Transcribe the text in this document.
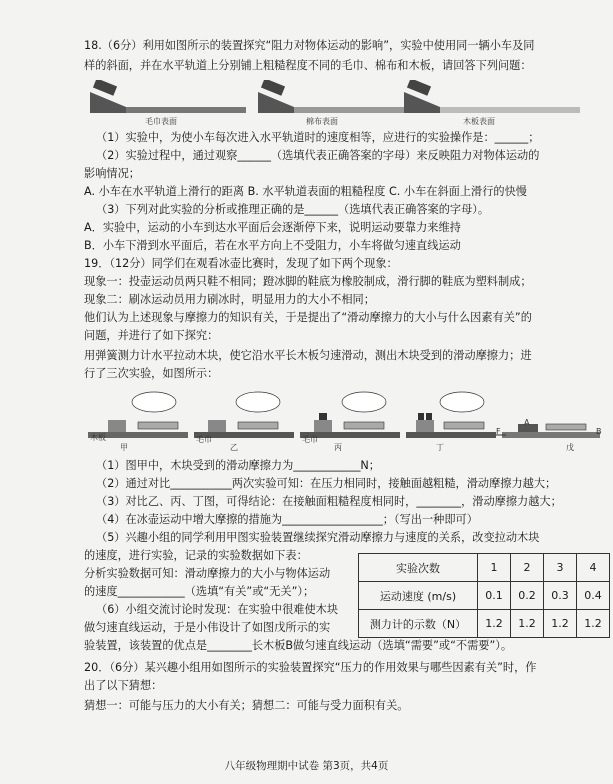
18.（6分）利用如图所示的装置探究“阻力对物体运动的影响”，实验中使用同一辆小车及同
样的斜面，并在水平轨道上分别铺上粗糙程度不同的毛巾、棉布和木板，请回答下列问题：
毛巾表面	棉布表面	木板表面
（1）实验中，为使小车每次进入水平轨道时的速度相等，应进行的实验操作是：______；
（2）实验过程中，通过观察______（选填代表正确答案的字母）来反映阻力对物体运动的
影响情况；
A. 小车在水平轨道上滑行的距离 B. 水平轨道表面的粗糙程度 C. 小车在斜面上滑行的快慢
（3）下列对此实验的分析或推理正确的是______（选填代表正确答案的字母）。
A．实验中，运动的小车到达水平面后会逐渐停下来，说明运动要靠力来维持
B．小车下滑到水平面后，若在水平方向上不受阻力，小车将做匀速直线运动
19．（12分）同学们在观看冰壶比赛时，发现了如下两个现象：
现象一：投壶运动员两只鞋不相同；蹬冰脚的鞋底为橡胶制成，滑行脚的鞋底为塑料制成；
现象二：刷冰运动员用力刷冰时，明显用力的大小不相同；
他们认为上述现象与摩擦力的知识有关，于是提出了“滑动摩擦力的大小与什么因素有关”的
问题，并进行了如下探究：
用弹簧测力计水平拉动木块，使它沿水平长木板匀速滑动，测出木块受到的滑动摩擦力；进
行了三次实验，如图所示：
木板
甲
毛巾
乙
毛巾
丙	丁	戊
A
B
F
（1）图甲中，木块受到的滑动摩擦力为____________N；
（2）通过对比___________两次实验可知：在压力相同时，接触面越粗糙，滑动摩擦力越大；
（3）对比乙、丙、丁图，可得结论：在接触面粗糙程度相同时，________，滑动摩擦力越大；
（4）在冰壶运动中增大摩擦的措施为__________________；（写出一种即可）
（5）兴趣小组的同学利用甲图实验装置继续探究滑动摩擦力与速度的关系，改变拉动木块
的速度，进行实验，记录的实验数据如下表：
分析实验数据可知：滑动摩擦力的大小与物体运动
的速度____________（选填“有关”或“无关”）；
（6）小组交流讨论时发现：在实验中很难使木块
做匀速直线运动，于是小伟设计了如图戊所示的实
验装置，该装置的优点是________长木板B做匀速直线运动（选填“需要”或“不需要”）。
实验次数	1	2	3	4
运动速度 (m/s)	0.1	0.2	0.3	0.4
测力计的示数（N）	1.2	1.2	1.2	1.2
20．（6分）某兴趣小组用如图所示的实验装置探究“压力的作用效果与哪些因素有关”时，作
出了以下猜想：
猜想一：可能与压力的大小有关；猜想二：可能与受力面积有关。
八年级物理期中试卷 第3页，共4页
